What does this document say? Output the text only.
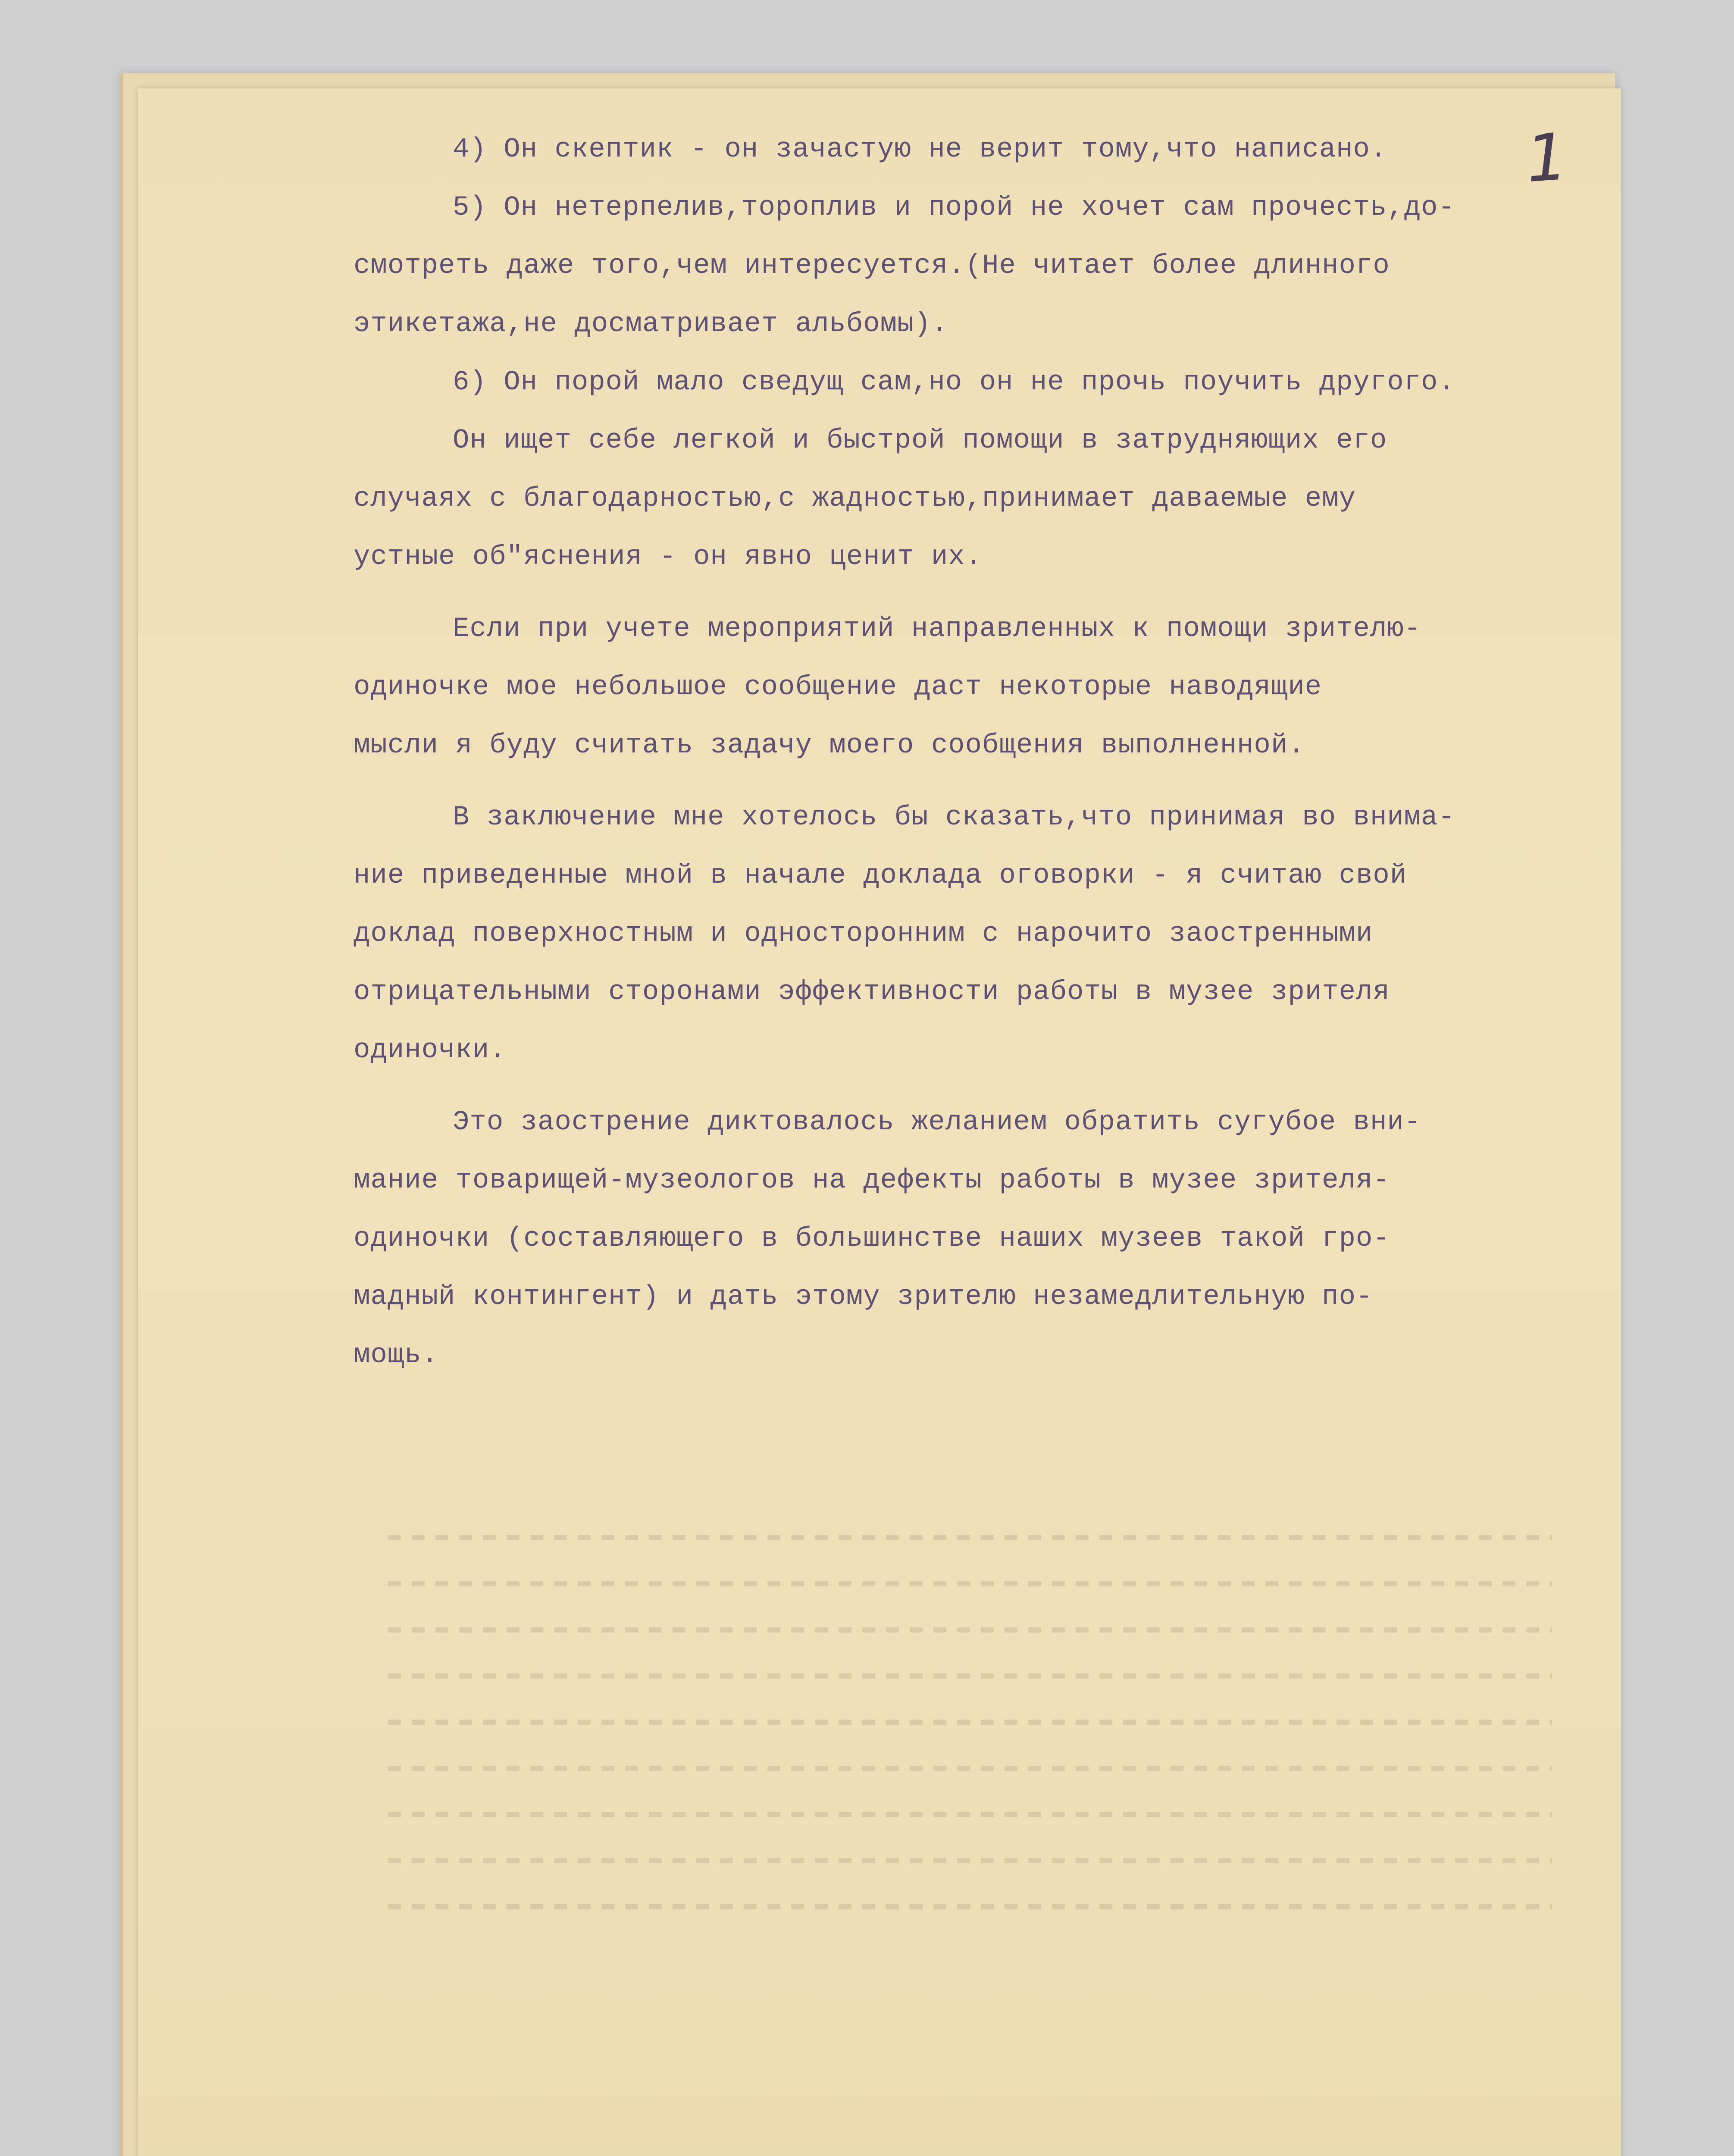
1

4) Он скептик - он зачастую не верит тому,что написано.

5) Он нетерпелив,тороплив и порой не хочет сам прочесть,до-

смотреть даже того,чем интересуется.(Не читает более длинного

этикетажа,не досматривает альбомы).

6) Он порой мало сведущ сам,но он не прочь поучить другого.

Он ищет себе легкой и быстрой помощи в затрудняющих его

случаях с благодарностью,с жадностью,принимает даваемые ему

устные об"яснения - он явно ценит их.

Если при учете мероприятий направленных к помощи зрителю-

одиночке мое небольшое сообщение даст некоторые наводящие

мысли я буду считать задачу моего сообщения выполненной.

В заключение мне хотелось бы сказать,что принимая во внима-

ние приведенные мной в начале доклада оговорки - я считаю свой

доклад поверхностным и односторонним с нарочито заостренными

отрицательными сторонами эффективности работы в музее зрителя

одиночки.

Это заострение диктовалось желанием обратить сугубое вни-

мание товарищей-музеологов на дефекты работы в музее зрителя-

одиночки (составляющего в большинстве наших музеев такой гро-

мадный контингент) и дать этому зрителю незамедлительную по-

мощь.
